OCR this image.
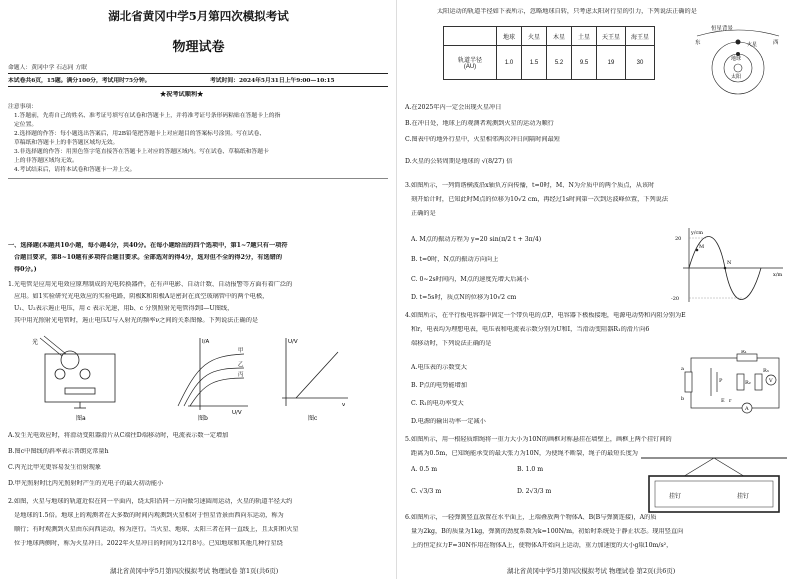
湖北省黄冈中学5月第四次模拟考试
物理试卷
命题人：黄冈中学 石志同 方眠
本试卷共6页，15题。满分100分，考试用时75分钟。	考试时间：2024年5月31日上午9:00—10:15
★祝考试顺利★
注意事项：
1.答题前，先将自己的姓名、准考证号填写在试卷和答题卡上，并将准考证号条形码粘贴在答题卡上的指
定位置。
2.选择题的作答：每小题选出答案后，用2B铅笔把答题卡上对应题目的答案标号涂黑。写在试卷、
草稿纸和答题卡上的非答题区域均无效。
3.非选择题的作答：用黑色签字笔直接答在答题卡上对应的答题区域内。写在试卷、草稿纸和答题卡
上的非答题区域均无效。
4.考试结束后，请将本试卷和答题卡一并上交。
一、选择题(本题共10小题，每小题4分，共40分。在每小题给出的四个选项中，第1~7题只有一项符
合题目要求，第8~10题有多项符合题目要求。全部选对的得4分，选对但不全的得2分，有选错的
得0分。)
1.光电管是应用光电效应原理制成的光电转换器件，在有声电影、自动计数、自动报警等方面有着广泛的
应用。如1实验研究光电效应的实验电路，阴极K和阳极A是密封在真空玻璃管中的两个电极，
U₁、U₂表示遏止电压，用 c 表示光速，用b、c 分别照射光电管得到I—U图线，
其中用光照射光电管时，遏止电压U与入射光的频率ν之间的关系图像。下列说法正确的是
光
图a
I/A
U/V
甲
乙
丙
图b
U/V
ν
图c
A.发生光电效应时，将滑动变阻器滑片从C端往D端移动时，电流表示数一定增加
B.图c中图线的斜率表示普朗克常量h
C.丙光比甲光更容易发生衍射现象
D.甲光照射时比丙光照射时产生的光电子的最大初动能小
2.如图，火星与地球的轨道近似在同一平面内，绕太阳沿同一方向做匀速圆周运动，火星的轨道半径大约
是地球的1.5倍。地球上的观测者在大多数的时间内观测到火星相对于恒星背景由西向东运动，称为
顺行；有时观测到火星由东向西运动，称为逆行。当火星、地球、太阳三者在同一直线上，且太阳和火星
位于地球两侧时，称为火星冲日。2022年火星冲日的时间为12月8号。已知地球和其他几种行星绕
湖北省黄冈中学5月第四次模拟考试 物理试卷 第1页(共6页)
太阳运动的轨道半径如下表所示，忽略地球自转，只考虑太阳对行星的引力，下列说法正确的是
	地球	火星	木星	土星	天王星	海王星
轨道半径
(AU)	1.0	1.5	5.2	9.5	19	30
恒星背景
东	西
地球
太阳
火星
A.在2025年内一定会出现火星冲日
B.在冲日处，地球上的观测者观测到火星的运动为顺行
C.图表中的地外行星中，火星相邻两次冲日间隔时间最短
D.火星的公转周期是地球的 √(8/27) 倍
3.如图所示，一列简谐横波沿x轴负方向传播，t=0时，M、N为介质中的两个质点，从该时
刻开始计时，已知此时M点的位移为10√2 cm，再经过1s时间第一次到达波峰位置，下列说法
正确的是
A. M点的振动方程为 y=20 sin(π/2 t + 3π/4)
B. t=0时，N点的振动方向向上
C. 0~2s时间内，M点的速度先增大后减小
D. t=5s时，质点N的位移为10√2 cm
y/cm
x/m
20
-20
M
N
4.如图所示，在平行板电容器中固定一个带负电的点P，电容器下极板接地，电源电动势和内阻分别为E
和r，电表均为理想电表，电压表和电流表示数分别为U和I，当滑动变阻器R₁的滑片向6
端移动时，下列说法正确的是
A.电压表的示数变大
B. P点的电势能增加
C. R₁的电功率变大
D.电源的输出功率一定减小
a
b
R₁
R₂
R₃
V
A
P
E r
5.如图所示，用一根轻质细绳将一重力大小为10N的画框对称悬挂在墙壁上，画框上两个挂钉间的
距离为0.5m，已知绳能承受的最大张力为10N，为使绳不断裂，绳子的最短长度为
A. 0.5 m	B. 1.0 m
C. √3/3 m	D. 2√3/3 m
挂钉	挂钉
6.如图所示，一轻弹簧竖直放置在水平面上，上端叠放两个物体A、B(B与弹簧连接)，A的质
量为2kg，B的质量为1kg，弹簧的劲度系数为k=100N/m，初始时系统处于静止状态。现用竖直向
上的恒定拉力F=30N作用在物体A上，使物体A开始向上运动，重力加速度的大小g取10m/s²，
湖北省黄冈中学5月第四次模拟考试 物理试卷 第2页(共6页)
